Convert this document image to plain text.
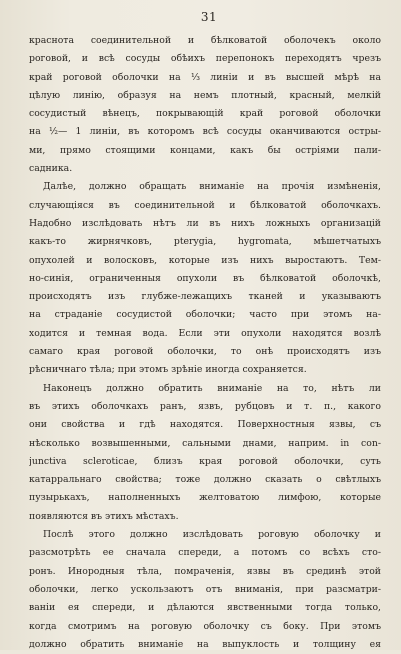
31
краснота соединительной и бѣлковатой оболочекъ около
роговой, и всѣ сосуды обѣихъ перепонокъ переходятъ чрезъ
край роговой оболочки на ⅓ линіи и въ высшей мѣрѣ на
цѣлую линію, образуя на немъ плотный, красный, мелкій
сосудистый вѣнецъ, покрывающій край роговой оболочки
на ½— 1 линіи, въ которомъ всѣ сосуды оканчиваются остры-
ми, прямо стоящими концами, какъ бы остріями пали-
садника.
Далѣе, должно обращать вниманіе на прочія измѣненія,
случающіяся въ соединительной и бѣлковатой оболочкахъ.
Надобно изслѣдовать нѣтъ ли въ нихъ ложныхъ организацій
какъ-то жирнячковъ, pterygia, hygromata, мѣшетчатыхъ
опухолей и волосковъ, которые изъ нихъ выростаютъ. Тем-
но-синія, ограниченныя опухоли въ бѣлковатой оболочкѣ,
происходятъ изъ глубже-лежащихъ тканей и указываютъ
на страданіе сосудистой оболочки; часто при этомъ на-
ходится и темная вода. Если эти опухоли находятся возлѣ
самаго края роговой оболочки, то онѣ происходятъ изъ
рѣсничнаго тѣла; при этомъ зрѣніе иногда сохраняется.
Наконецъ должно обратить вниманіе на то, нѣтъ ли
въ этихъ оболочкахъ ранъ, язвъ, рубцовъ и т. п., какого
они свойства и гдѣ находятся. Поверхностныя язвы, съ
нѣсколько возвышенными, сальными днами, наприм. in con-
junctiva scleroticae, близъ края роговой оболочки, суть
катарральнаго свойства; тоже должно сказать о свѣтлыхъ
пузырькахъ, наполненныхъ желтоватою лимфою, которые
появляются въ этихъ мѣстахъ.
Послѣ этого должно изслѣдовать роговую оболочку и
разсмотрѣть ее сначала спереди, а потомъ со всѣхъ сто-
ронъ. Инородныя тѣла, помраченія, язвы въ срединѣ этой
оболочки, легко ускользаютъ отъ вниманія, при разсматри-
ваніи ея спереди, и дѣлаются явственными тогда только,
когда смотримъ на роговую оболочку съ боку. При этомъ
должно обратить вниманіе на выпуклость и толщину ея
